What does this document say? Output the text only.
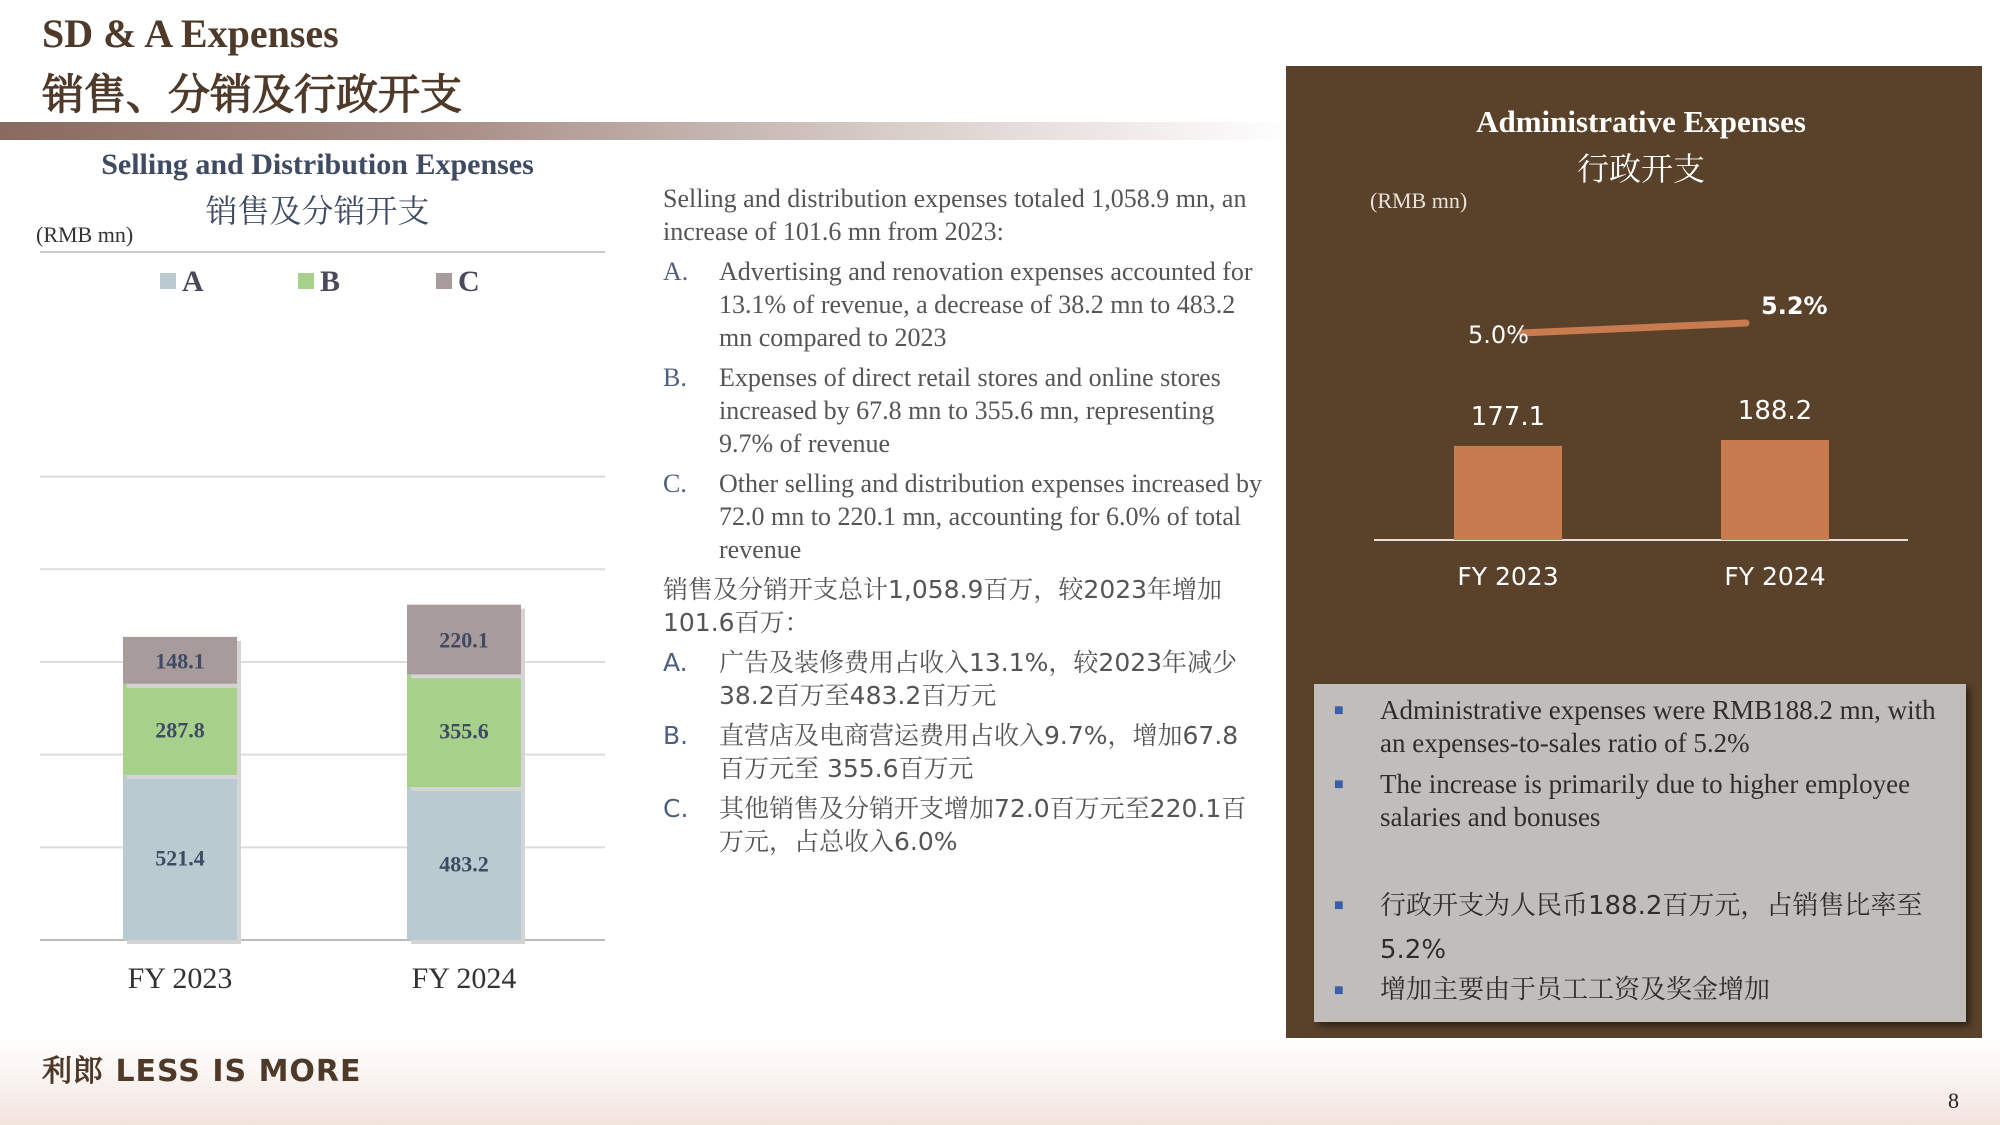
SD & A Expenses
销售、分销及行政开支
Selling and Distribution Expenses
销售及分销开支
(RMB mn)
A	B	C
521.4
287.8
148.1
FY 2023
483.2
355.6
220.1
FY 2024
Selling and distribution expenses totaled 1,058.9 mn, an increase of 101.6 mn from 2023:
A.	Advertising and renovation expenses accounted for 13.1% of revenue, a decrease of 38.2 mn to 483.2 mn compared to 2023
B.	Expenses of direct retail stores and online stores increased by 67.8 mn to 355.6 mn, representing 9.7% of revenue
C.	Other selling and distribution expenses increased by 72.0 mn to 220.1 mn, accounting for 6.0% of total revenue
销售及分销开支总计1,058.9百万，较2023年增加101.6百万：
A.	广告及装修费用占收入13.1%，较2023年减少38.2百万至483.2百万元
B.	直营店及电商营运费用占收入9.7%，增加67.8百万元至 355.6百万元
C.	其他销售及分销开支增加72.0百万元至220.1百万元，占总收入6.0%
Administrative Expenses
行政开支
(RMB mn)
177.1
FY 2023
188.2
FY 2024
5.0%
5.2%
■	Administrative expenses were RMB188.2 mn, with an expenses-to-sales ratio of 5.2%
■	The increase is primarily due to higher employee salaries and bonuses
■	行政开支为人民币188.2百万元，占销售比率至5.2%
■	增加主要由于员工工资及奖金增加
利郎 LESS IS MORE
8
